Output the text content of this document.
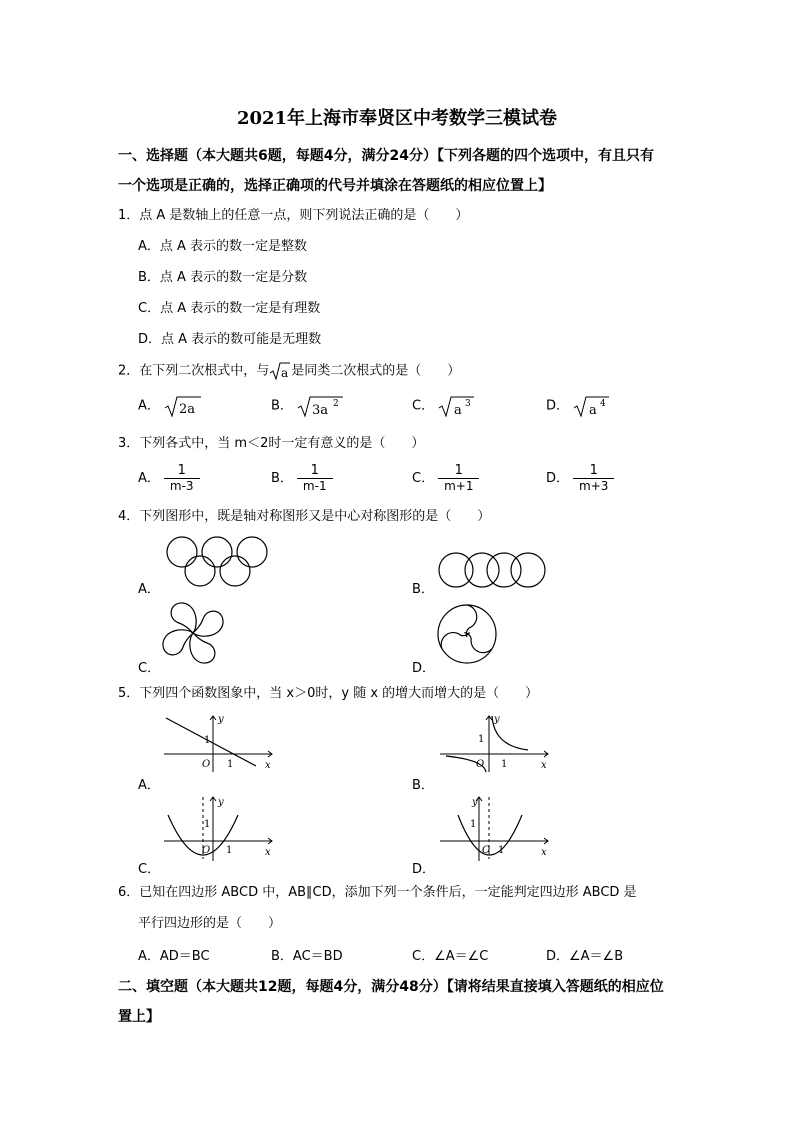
2021年上海市奉贤区中考数学三模试卷
一、选择题（本大题共6题，每题4分，满分24分）【下列各题的四个选项中，有且只有
一个选项是正确的，选择正确项的代号并填涂在答题纸的相应位置上】
1．点 A 是数轴上的任意一点，则下列说法正确的是（　　）
A．点 A 表示的数一定是整数
B．点 A 表示的数一定是分数
C．点 A 表示的数一定是有理数
D．点 A 表示的数可能是无理数
2．在下列二次根式中，与 a 是同类二次根式的是（　　）
A． 2a	B． 3a 2	C． a 3	D． a 4
3．下列各式中，当 m＜2时一定有意义的是（　　）
A． $\frac{1}{m-3}$	B． $\frac{1}{m-1}$	C． $\frac{1}{m+1}$	D． $\frac{1}{m+3}$
4．下列图形中，既是轴对称图形又是中心对称图形的是（　　）
A．	B．
C．	D．
5．下列四个函数图象中，当 x＞0时，y 随 x 的增大而增大的是（　　）
y
x
O
1
1
A．
y
x
O
1
1
B．
y
x
O
1
1
C．
y
x
O
1
1
D．
6．已知在四边形 ABCD 中，AB∥CD，添加下列一个条件后，一定能判定四边形 ABCD 是
平行四边形的是（　　）
A．AD＝BC	B．AC＝BD	C．∠A＝∠C	D．∠A＝∠B
二、填空题（本大题共12题，每题4分，满分48分）【请将结果直接填入答题纸的相应位
置上】
